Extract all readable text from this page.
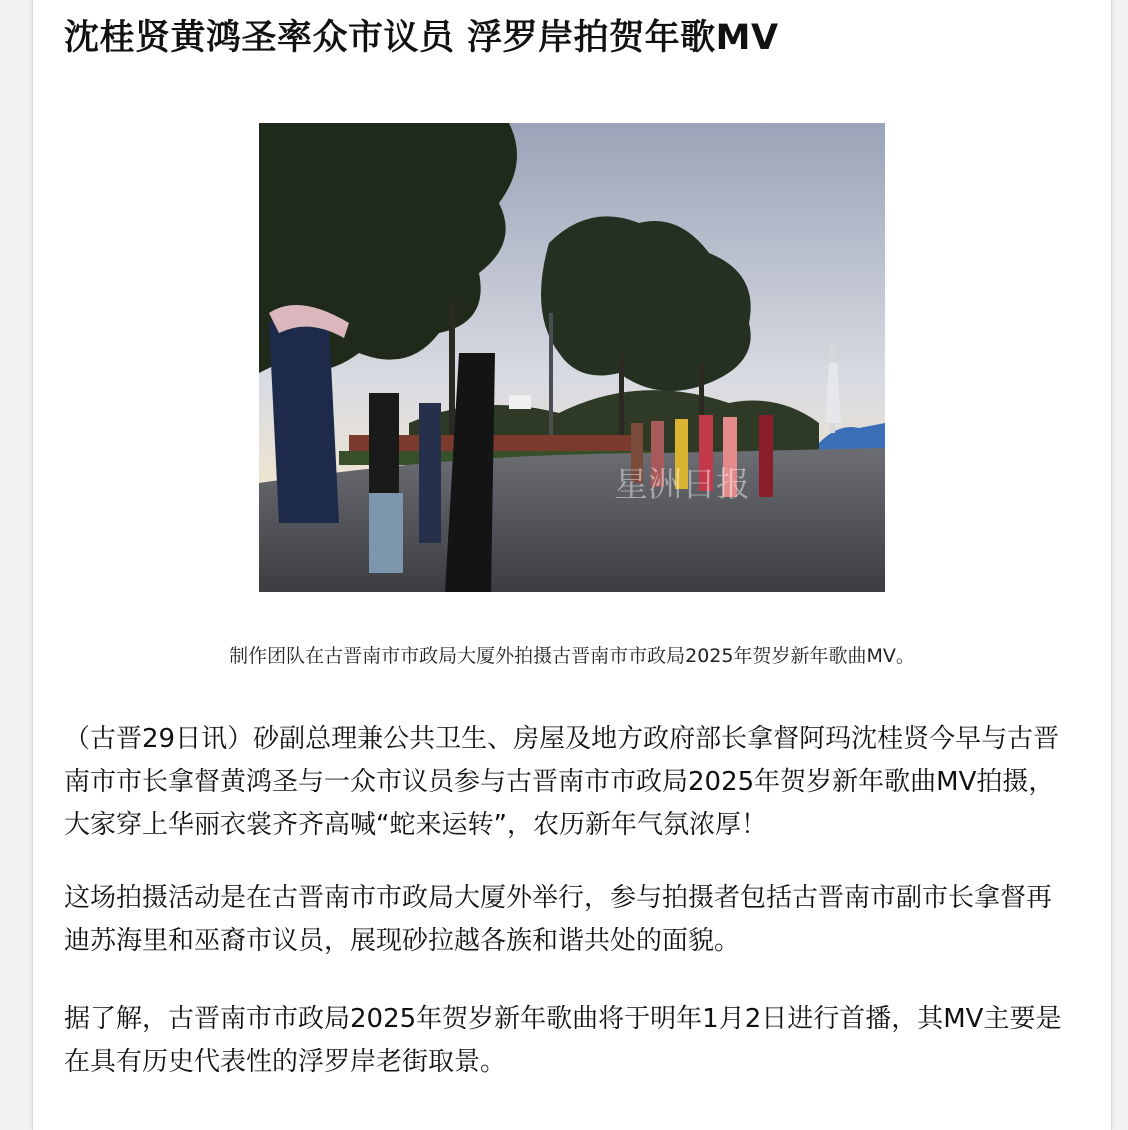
沈桂贤黄鸿圣率众市议员 浮罗岸拍贺年歌MV
星洲日报
制作团队在古晋南市市政局大厦外拍摄古晋南市市政局2025年贺岁新年歌曲MV。

（古晋29日讯）砂副总理兼公共卫生、房屋及地方政府部长拿督阿玛沈桂贤今早与古晋南市市长拿督黄鸿圣与一众市议员参与古晋南市市政局2025年贺岁新年歌曲MV拍摄，大家穿上华丽衣裳齐齐高喊“蛇来运转”，农历新年气氛浓厚！

这场拍摄活动是在古晋南市市政局大厦外举行，参与拍摄者包括古晋南市副市长拿督再迪苏海里和巫裔市议员，展现砂拉越各族和谐共处的面貌。

据了解，古晋南市市政局2025年贺岁新年歌曲将于明年1月2日进行首播，其MV主要是在具有历史代表性的浮罗岸老街取景。
